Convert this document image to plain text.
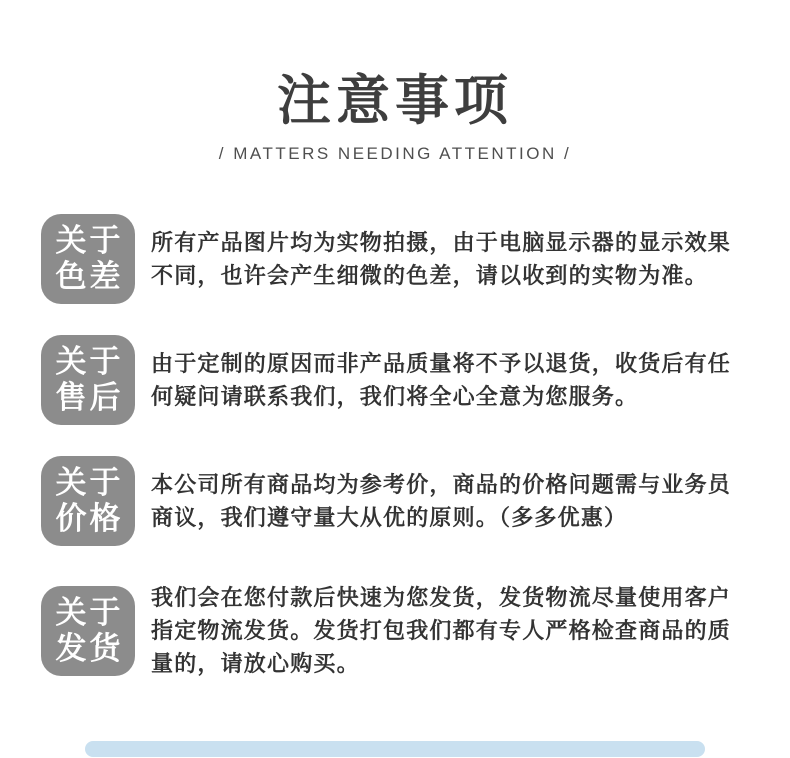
注意事项
/ MATTERS NEEDING ATTENTION /
关于
色差
所有产品图片均为实物拍摄，由于电脑显示器的显示效果不同，也许会产生细微的色差，请以收到的实物为准。
关于
售后
由于定制的原因而非产品质量将不予以退货，收货后有任何疑问请联系我们，我们将全心全意为您服务。
关于
价格
本公司所有商品均为参考价，商品的价格问题需与业务员商议，我们遵守量大从优的原则。（多多优惠）
关于
发货
我们会在您付款后快速为您发货，发货物流尽量使用客户指定物流发货。发货打包我们都有专人严格检查商品的质量的，请放心购买。
